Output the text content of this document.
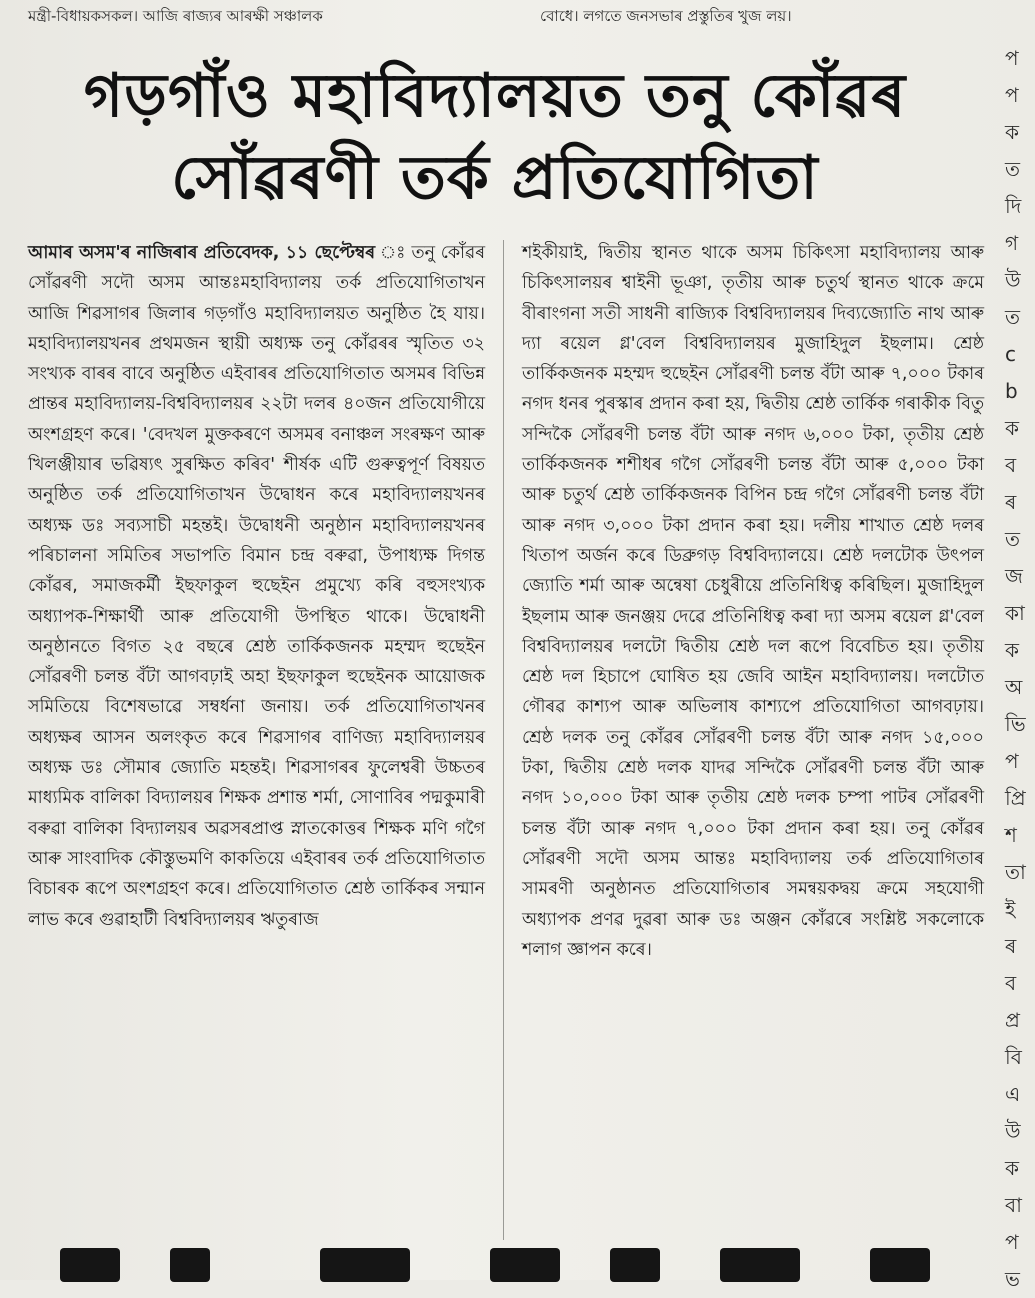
মন্ত্ৰী-বিধায়কসকল। আজি ৰাজ্যৰ আৰক্ষী সঞ্চালক	বোধে। লগতে জনসভাৰ প্ৰস্তুতিৰ খুজ লয়।
গড়গাঁও মহাবিদ্যালয়ত তনু কোঁৱৰ
সোঁৱৰণী তৰ্ক প্ৰতিযোগিতা
আমাৰ অসম'ৰ নাজিৰাৰ প্ৰতিবেদক, ১১ ছেপ্টেম্বৰ ঃ তনু কোঁৱৰ সোঁৱৰণী সদৌ অসম আন্তঃমহাবিদ্যালয় তৰ্ক প্ৰতিযোগিতাখন আজি শিৱসাগৰ জিলাৰ গড়গাঁও মহাবিদ্যালয়ত অনুষ্ঠিত হৈ যায়। মহাবিদ্যালয়খনৰ প্ৰথমজন স্থায়ী অধ্যক্ষ তনু কোঁৱৰৰ স্মৃতিত ৩২ সংখ্যক বাৰৰ বাবে অনুষ্ঠিত এইবাৰৰ প্ৰতিযোগিতাত অসমৰ বিভিন্ন প্ৰান্তৰ মহাবিদ্যালয়-বিশ্ববিদ্যালয়ৰ ২২টা দলৰ ৪০জন প্ৰতিযোগীয়ে অংশগ্ৰহণ কৰে। 'বেদখল মুক্তকৰণে অসমৰ বনাঞ্চল সংৰক্ষণ আৰু খিলঞ্জীয়াৰ ভৱিষ্যৎ সুৰক্ষিত কৰিব' শীৰ্ষক এটি গুৰুত্বপূৰ্ণ বিষয়ত অনুষ্ঠিত তৰ্ক প্ৰতিযোগিতাখন উদ্বোধন কৰে মহাবিদ্যালয়খনৰ অধ্যক্ষ ডঃ সব্যসাচী মহন্তই। উদ্বোধনী অনুষ্ঠান মহাবিদ্যালয়খনৰ পৰিচালনা সমিতিৰ সভাপতি বিমান চন্দ্ৰ বৰুৱা, উপাধ্যক্ষ দিগন্ত কোঁৱৰ, সমাজকৰ্মী ইছফাকুল হুছেইন প্ৰমুখ্যে কৰি বহুসংখ্যক অধ্যাপক-শিক্ষাৰ্থী আৰু প্ৰতিযোগী উপস্থিত থাকে। উদ্বোধনী অনুষ্ঠানতে বিগত ২৫ বছৰে শ্ৰেষ্ঠ তাৰ্কিকজনক মহম্মদ হুছেইন সোঁৱৰণী চলন্ত বঁটা আগবঢ়াই অহা ইছফাকুল হুছেইনক আয়োজক সমিতিয়ে বিশেষভাৱে সম্বৰ্ধনা জনায়। তৰ্ক প্ৰতিযোগিতাখনৰ অধ্যক্ষৰ আসন অলংকৃত কৰে শিৱসাগৰ বাণিজ্য মহাবিদ্যালয়ৰ অধ্যক্ষ ডঃ সৌমাৰ জ্যোতি মহন্তই। শিৱসাগৰৰ ফুলেশ্বৰী উচ্চতৰ মাধ্যমিক বালিকা বিদ্যালয়ৰ শিক্ষক প্ৰশান্ত শৰ্মা, সোণাবিৰ পদ্মকুমাৰী বৰুৱা বালিকা বিদ্যালয়ৰ অৱসৰপ্ৰাপ্ত স্নাতকোত্তৰ শিক্ষক মণি গগৈ আৰু সাংবাদিক কৌস্তুভমণি কাকতিয়ে এইবাৰৰ তৰ্ক প্ৰতিযোগিতাত বিচাৰক ৰূপে অংশগ্ৰহণ কৰে। প্ৰতিযোগিতাত শ্ৰেষ্ঠ তাৰ্কিকৰ সন্মান লাভ কৰে গুৱাহাটী বিশ্ববিদ্যালয়ৰ ঋতুৰাজ
শইকীয়াই, দ্বিতীয় স্থানত থাকে অসম চিকিৎসা মহাবিদ্যালয় আৰু চিকিৎসালয়ৰ শ্বাইনী ভূঞা, তৃতীয় আৰু চতুৰ্থ স্থানত থাকে ক্ৰমে বীৰাংগনা সতী সাধনী ৰাজ্যিক বিশ্ববিদ্যালয়ৰ দিব্যজ্যোতি নাথ আৰু দ্যা ৰয়েল গ্ল'বেল বিশ্ববিদ্যালয়ৰ মুজাহিদুল ইছলাম। শ্ৰেষ্ঠ তাৰ্কিকজনক মহম্মদ হুছেইন সোঁৱৰণী চলন্ত বঁটা আৰু ৭,০০০ টকাৰ নগদ ধনৰ পুৰস্কাৰ প্ৰদান কৰা হয়, দ্বিতীয় শ্ৰেষ্ঠ তাৰ্কিক গৰাকীক বিতু সন্দিকৈ সোঁৱৰণী চলন্ত বঁটা আৰু নগদ ৬,০০০ টকা, তৃতীয় শ্ৰেষ্ঠ তাৰ্কিকজনক শশীধৰ গগৈ সোঁৱৰণী চলন্ত বঁটা আৰু ৫,০০০ টকা আৰু চতুৰ্থ শ্ৰেষ্ঠ তাৰ্কিকজনক বিপিন চন্দ্ৰ গগৈ সোঁৱৰণী চলন্ত বঁটা আৰু নগদ ৩,০০০ টকা প্ৰদান কৰা হয়। দলীয় শাখাত শ্ৰেষ্ঠ দলৰ খিতাপ অৰ্জন কৰে ডিব্ৰুগড় বিশ্ববিদ্যালয়ে। শ্ৰেষ্ঠ দলটোক উৎপল জ্যোতি শৰ্মা আৰু অন্বেষা চেধুৰীয়ে প্ৰতিনিধিত্ব কৰিছিল। মুজাহিদুল ইছলাম আৰু জনঞ্জয় দেৱে প্ৰতিনিধিত্ব কৰা দ্যা অসম ৰয়েল গ্ল'বেল বিশ্ববিদ্যালয়ৰ দলটো দ্বিতীয় শ্ৰেষ্ঠ দল ৰূপে বিবেচিত হয়। তৃতীয় শ্ৰেষ্ঠ দল হিচাপে ঘোষিত হয় জেবি আইন মহাবিদ্যালয়। দলটোত গৌৰৱ কাশ্যপ আৰু অভিলাষ কাশ্যপে প্ৰতিযোগিতা আগবঢ়ায়। শ্ৰেষ্ঠ দলক তনু কোঁৱৰ সোঁৱৰণী চলন্ত বঁটা আৰু নগদ ১৫,০০০ টকা, দ্বিতীয় শ্ৰেষ্ঠ দলক যাদৱ সন্দিকৈ সোঁৱৰণী চলন্ত বঁটা আৰু নগদ ১০,০০০ টকা আৰু তৃতীয় শ্ৰেষ্ঠ দলক চম্পা পাটৰ সোঁৱৰণী চলন্ত বঁটা আৰু নগদ ৭,০০০ টকা প্ৰদান কৰা হয়। তনু কোঁৱৰ সোঁৱৰণী সদৌ অসম আন্তঃ মহাবিদ্যালয় তৰ্ক প্ৰতিযোগিতাৰ সামৰণী অনুষ্ঠানত প্ৰতিযোগিতাৰ সমন্বয়কদ্বয় ক্ৰমে সহযোগী অধ্যাপক প্ৰণৱ দুৱৰা আৰু ডঃ অঞ্জন কোঁৱৰে সংশ্লিষ্ট সকলোকে শলাগ জ্ঞাপন কৰে।
প
প
ক
ত
দি
গ
উ
ত
c
b
ক
ব
ৰ
ত
জ
কা
ক
অ
ভি
প
প্ৰি
শ
তা
ই
ৰ
ব
প্ৰ
বি
এ
উ
ক
বা
প
ভ
